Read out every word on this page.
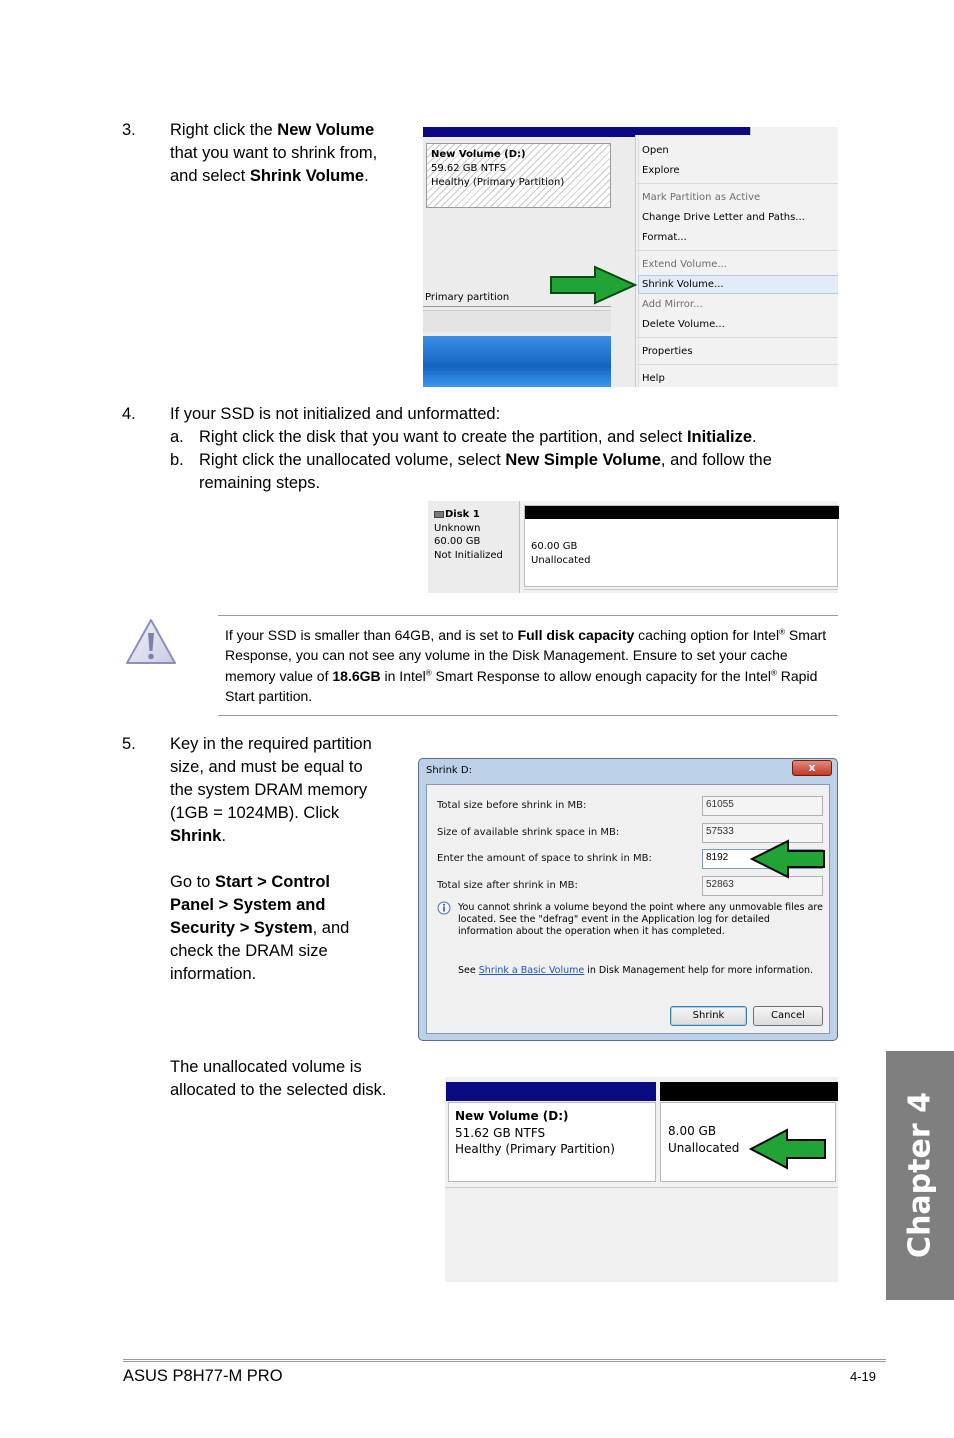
3. Right click the New Volume that you want to shrink from, and select Shrink Volume.
New Volume (D:)
59.62 GB NTFS
Healthy (Primary Partition)
Primary partition
Open
Explore
Mark Partition as Active
Change Drive Letter and Paths...
Format...
Extend Volume...
Shrink Volume...
Add Mirror...
Delete Volume...
Properties
Help
4. If your SSD is not initialized and unformatted:
a. Right click the disk that you want to create the partition, and select Initialize.
b. Right click the unallocated volume, select New Simple Volume, and follow the remaining steps.
Disk 1
Unknown
60.00 GB
Not Initialized
60.00 GB
Unallocated
If your SSD is smaller than 64GB, and is set to Full disk capacity caching option for Intel® Smart Response, you can not see any volume in the Disk Management. Ensure to set your cache memory value of 18.6GB in Intel® Smart Response to allow enough capacity for the Intel® Rapid Start partition.
5. Key in the required partition size, and must be equal to the system DRAM memory (1GB = 1024MB). Click Shrink.
Go to Start > Control Panel > System and Security > System, and check the DRAM size information.
The unallocated volume is allocated to the selected disk.
Shrink D:	x
Total size before shrink in MB:	61055
Size of available shrink space in MB:	57533
Enter the amount of space to shrink in MB:	8192
Total size after shrink in MB:	52863
You cannot shrink a volume beyond the point where any unmovable files are located. See the "defrag" event in the Application log for detailed information about the operation when it has completed.
See Shrink a Basic Volume in Disk Management help for more information.
Shrink	Cancel
New Volume (D:)
51.62 GB NTFS
Healthy (Primary Partition)
8.00 GB
Unallocated	Chapter 4
ASUS P8H77-M PRO	4-19
